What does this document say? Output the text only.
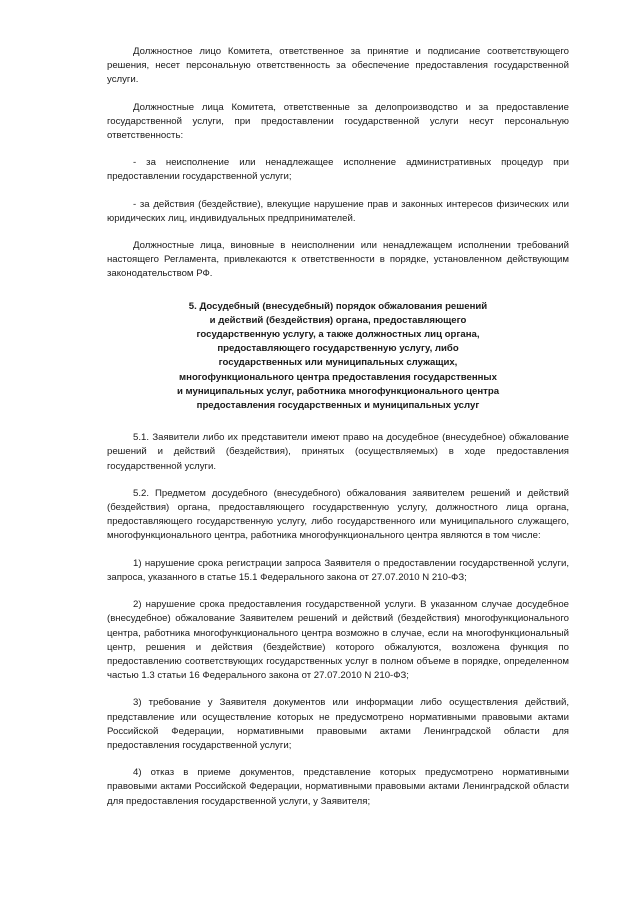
Должностное лицо Комитета, ответственное за принятие и подписание соответствующего решения, несет персональную ответственность за обеспечение предоставления государственной услуги.

Должностные лица Комитета, ответственные за делопроизводство и за предоставление государственной услуги, при предоставлении государственной услуги несут персональную ответственность:

- за неисполнение или ненадлежащее исполнение административных процедур при предоставлении государственной услуги;

- за действия (бездействие), влекущие нарушение прав и законных интересов физических или юридических лиц, индивидуальных предпринимателей.

Должностные лица, виновные в неисполнении или ненадлежащем исполнении требований настоящего Регламента, привлекаются к ответственности в порядке, установленном действующим законодательством РФ.

5. Досудебный (внесудебный) порядок обжалования решений
и действий (бездействия) органа, предоставляющего
государственную услугу, а также должностных лиц органа,
предоставляющего государственную услугу, либо
государственных или муниципальных служащих,
многофункционального центра предоставления государственных
и муниципальных услуг, работника многофункционального центра
предоставления государственных и муниципальных услуг

5.1. Заявители либо их представители имеют право на досудебное (внесудебное) обжалование решений и действий (бездействия), принятых (осуществляемых) в ходе предоставления государственной услуги.

5.2. Предметом досудебного (внесудебного) обжалования заявителем решений и действий (бездействия) органа, предоставляющего государственную услугу, должностного лица органа, предоставляющего государственную услугу, либо государственного или муниципального служащего, многофункционального центра, работника многофункционального центра являются в том числе:

1) нарушение срока регистрации запроса Заявителя о предоставлении государственной услуги, запроса, указанного в статье 15.1 Федерального закона от 27.07.2010 N 210-ФЗ;

2) нарушение срока предоставления государственной услуги. В указанном случае досудебное (внесудебное) обжалование Заявителем решений и действий (бездействия) многофункционального центра, работника многофункционального центра возможно в случае, если на многофункциональный центр, решения и действия (бездействие) которого обжалуются, возложена функция по предоставлению соответствующих государственных услуг в полном объеме в порядке, определенном частью 1.3 статьи 16 Федерального закона от 27.07.2010 N 210-ФЗ;

3) требование у Заявителя документов или информации либо осуществления действий, представление или осуществление которых не предусмотрено нормативными правовыми актами Российской Федерации, нормативными правовыми актами Ленинградской области для предоставления государственной услуги;

4) отказ в приеме документов, представление которых предусмотрено нормативными правовыми актами Российской Федерации, нормативными правовыми актами Ленинградской области для предоставления государственной услуги, у Заявителя;
